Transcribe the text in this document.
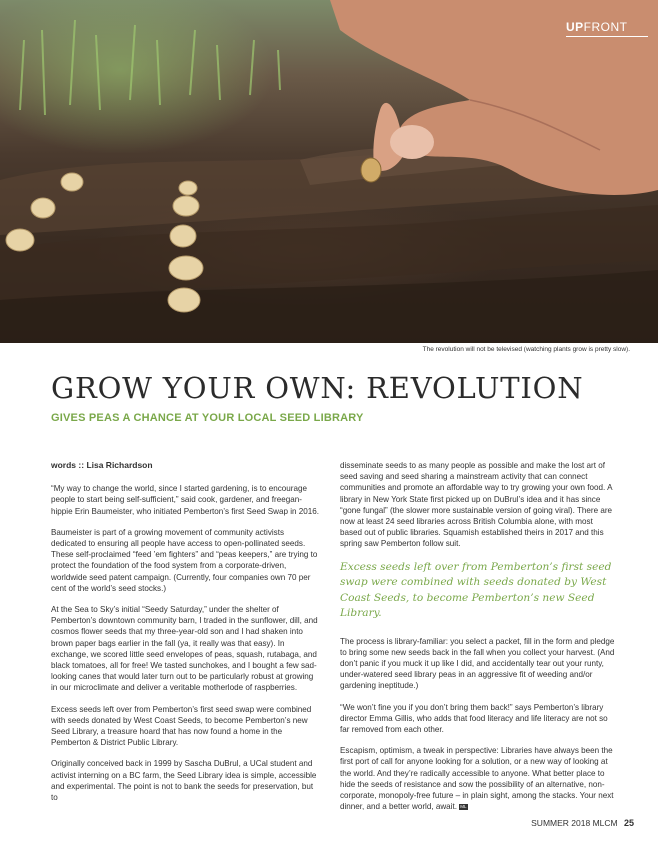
UPFRONT
The revolution will not be televised (watching plants grow is pretty slow).
GROW YOUR OWN: REVOLUTION
GIVES PEAS A CHANCE AT YOUR LOCAL SEED LIBRARY
words :: Lisa Richardson

“My way to change the world, since I started gardening, is to encourage people to start being self-sufficient,” said cook, gardener, and freegan-hippie Erin Baumeister, who initiated Pemberton’s first Seed Swap in 2016.

Baumeister is part of a growing movement of community activists dedicated to ensuring all people have access to open-pollinated seeds. These self-proclaimed “feed ’em fighters” and “peas keepers,” are trying to protect the foundation of the food system from a corporate-driven, worldwide seed patent campaign. (Currently, four companies own 70 per cent of the world’s seed stocks.)

At the Sea to Sky’s initial “Seedy Saturday,” under the shelter of Pemberton’s downtown community barn, I traded in the sunflower, dill, and cosmos flower seeds that my three-year-old son and I had shaken into brown paper bags earlier in the fall (ya, it really was that easy). In exchange, we scored little seed envelopes of peas, squash, rutabaga, and black tomatoes, all for free! We tasted sunchokes, and I bought a few sad-looking canes that would later turn out to be particularly robust at growing in our microclimate and deliver a veritable motherlode of raspberries.

Excess seeds left over from Pemberton’s first seed swap were combined with seeds donated by West Coast Seeds, to become Pemberton’s new Seed Library, a treasure hoard that has now found a home in the Pemberton & District Public Library.

Originally conceived back in 1999 by Sascha DuBrul, a UCal student and activist interning on a BC farm, the Seed Library idea is simple, accessible and experimental. The point is not to bank the seeds for preservation, but to

disseminate seeds to as many people as possible and make the lost art of seed saving and seed sharing a mainstream activity that can connect communities and promote an affordable way to try growing your own food. A library in New York State first picked up on DuBrul’s idea and it has since “gone fungal” (the slower more sustainable version of going viral). There are now at least 24 seed libraries across British Columbia alone, with most based out of public libraries. Squamish established theirs in 2017 and this spring saw Pemberton follow suit.

Excess seeds left over from Pemberton’s first seed swap were combined with seeds donated by West Coast Seeds, to become Pemberton’s new Seed Library.

The process is library-familiar: you select a packet, fill in the form and pledge to bring some new seeds back in the fall when you collect your harvest. (And don’t panic if you muck it up like I did, and accidentally tear out your runty, under-watered seed library peas in an aggressive fit of weeding and/or gardening ineptitude.)

“We won’t fine you if you don’t bring them back!” says Pemberton’s library director Emma Gillis, who adds that food literacy and life literacy are not so far removed from each other.

Escapism, optimism, a tweak in perspective: Libraries have always been the first port of call for anyone looking for a solution, or a new way of looking at the world. And they’re radically accessible to anyone. What better place to hide the seeds of resistance and sow the possibility of an alternative, non-corporate, monopoly-free future – in plain sight, among the stacks. Your next dinner, and a better world, await. ML

SUMMER 2018 MLCM 25
